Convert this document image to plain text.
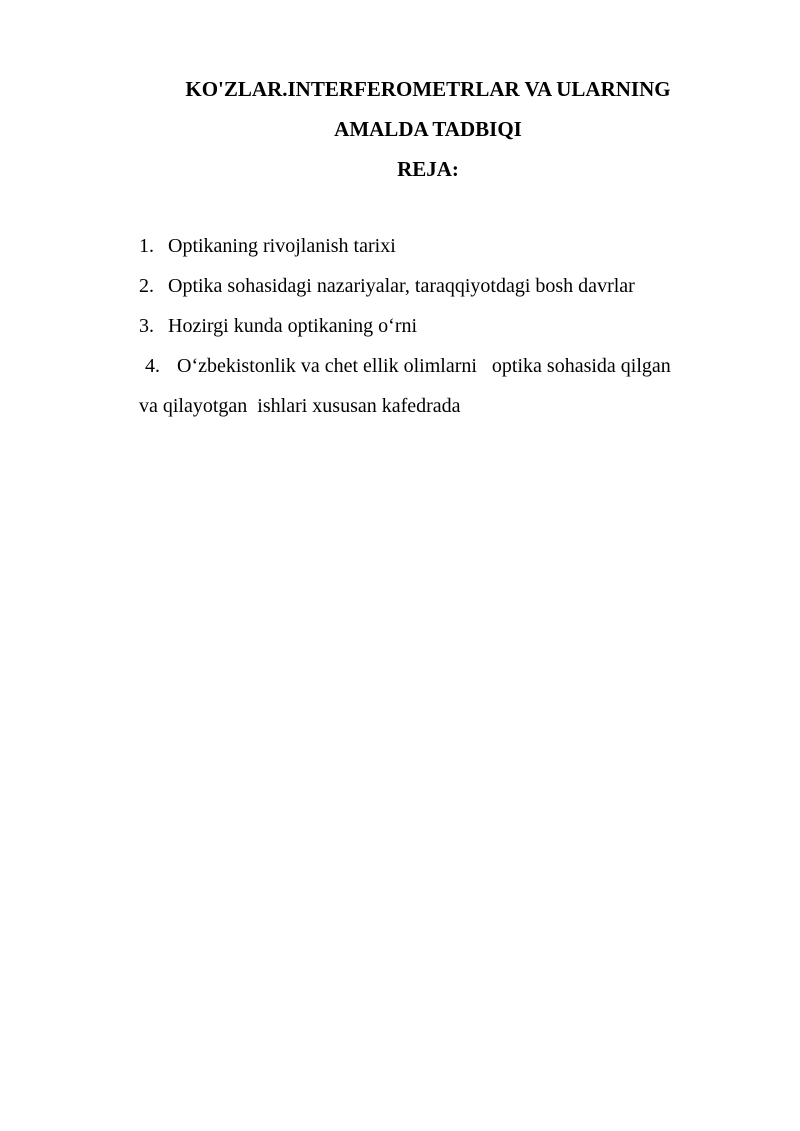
KO'ZLAR.INTERFEROMETRLAR VA ULARNING
AMALDA TADBIQI
REJA:
1. Optikaning rivojlanish tarixi
2. Optika sohasidagi nazariyalar, taraqqiyotdagi bosh davrlar
3. Hozirgi kunda optikaning o‘rni
4. O‘zbekistonlik va chet ellik olimlarni   optika sohasida qilgan
va qilayotgan  ishlari xususan kafedrada
